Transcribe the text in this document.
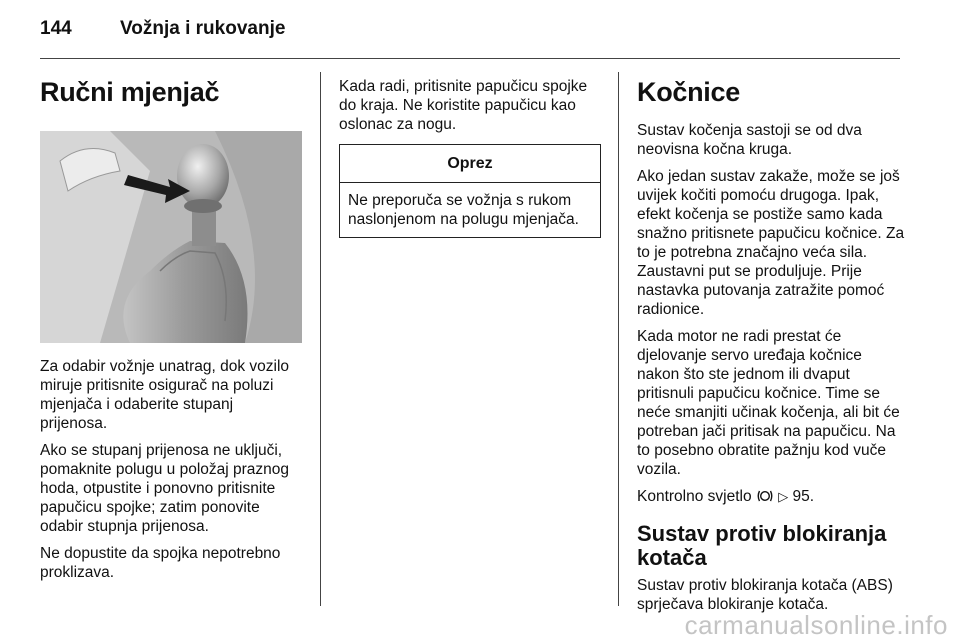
144	Vožnja i rukovanje
Ručni mjenjač

Za odabir vožnje unatrag, dok vozilo miruje pritisnite osigurač na poluzi mjenjača i odaberite stupanj prijenosa.

Ako se stupanj prijenosa ne uključi, pomaknite polugu u položaj praznog hoda, otpustite i ponovno pritisnite papučicu spojke; zatim ponovite odabir stupnja prijenosa.

Ne dopustite da spojka nepotrebno proklizava.

Kada radi, pritisnite papučicu spojke do kraja. Ne koristite papučicu kao oslonac za nogu.

Oprez
Ne preporuča se vožnja s rukom naslonjenom na polugu mjenjača.
Kočnice

Sustav kočenja sastoji se od dva neovisna kočna kruga.

Ako jedan sustav zakaže, može se još uvijek kočiti pomoću drugoga. Ipak, efekt kočenja se postiže samo kada snažno pritisnete papučicu kočnice. Za to je potrebna značajno veća sila. Zaustavni put se produljuje. Prije nastavka putovanja zatražite pomoć radionice.

Kada motor ne radi prestat će djelovanje servo uređaja kočnice nakon što ste jednom ili dvaput pritisnuli papučicu kočnice. Time se neće smanjiti učinak kočenja, ali bit će potreban jači pritisak na papučicu. Na to posebno obratite pažnju kod vuče vozila.

Kontrolno svjetlo ▷ 95.

Sustav protiv blokiranja kotača

Sustav protiv blokiranja kotača (ABS) sprječava blokiranje kotača.

carmanualsonline.info
